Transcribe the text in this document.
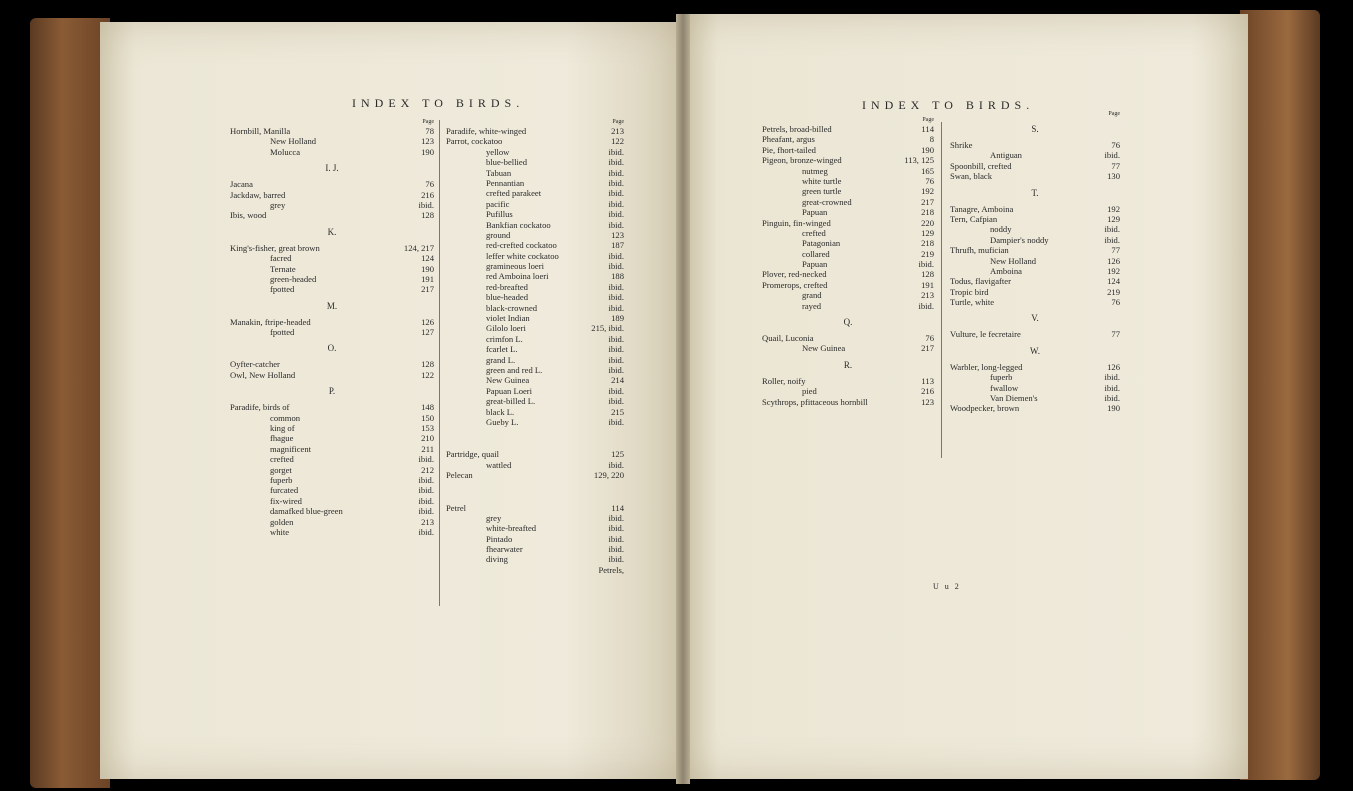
INDEX TO BIRDS.	INDEX TO BIRDS.
Page
Hornbill, Manilla	78
New Holland	123
Molucca	190
I. J.
Jacana	76
Jackdaw, barred	216
grey	ibid.
Ibis, wood	128
K.
King's-fisher, great brown	124, 217
facred	124
Ternate	190
green-headed	191
fpotted	217
M.
Manakin, ftripe-headed	126
fpotted	127
O.
Oyfter-catcher	128
Owl, New Holland	122
P.
Paradife, birds of	148
common	150
king of	153
fhague	210
magnificent	211
crefted	ibid.
gorget	212
fuperb	ibid.
furcated	ibid.
fix-wired	ibid.
damafked blue-green	ibid.
golden	213
white	ibid.
Page
Paradife, white-winged	213
Parrot, cockatoo	122
yellow	ibid.
blue-bellied	ibid.
Tabuan	ibid.
Pennantian	ibid.
crefted parakeet	ibid.
pacific	ibid.
Pufillus	ibid.
Bankfian cockatoo	ibid.
ground	123
red-crefted cockatoo	187
leffer white cockatoo	ibid.
gramineous loeri	ibid.
red Amboina loeri	188
red-breafted	ibid.
blue-headed	ibid.
black-crowned	ibid.
violet Indian	189
Gilolo loeri	215, ibid.
crimfon L.	ibid.
fcarlet L.	ibid.
grand L.	ibid.
green and red L.	ibid.
New Guinea	214
Papuan Loeri	ibid.
great-billed L.	ibid.
black L.	215
Gueby L.	ibid.
Partridge, quail	125
wattled	ibid.
Pelecan	129, 220
Petrel	114
grey	ibid.
white-breafted	ibid.
Pintado	ibid.
fhearwater	ibid.
diving	ibid.
Petrels,
Page
Petrels, broad-billed	114
Pheafant, argus	8
Pie, fhort-tailed	190
Pigeon, bronze-winged	113, 125
nutmeg	165
white turtle	76
green turtle	192
great-crowned	217
Papuan	218
Pinguin, fin-winged	220
crefted	129
Patagonian	218
collared	219
Papuan	ibid.
Plover, red-necked	128
Promerops, crefted	191
grand	213
rayed	ibid.
Q.
Quail, Luconia	76
New Guinea	217
R.
Roller, noify	113
pied	216
Scythrops, pfittaceous hornbill	123
Page
S.
Shrike	76
Antiguan	ibid.
Spoonbill, crefted	77
Swan, black	130
T.
Tanagre, Amboina	192
Tern, Cafpian	129
noddy	ibid.
Dampier's noddy	ibid.
Thrufh, mufician	77
New Holland	126
Amboina	192
Todus, flavigafter	124
Tropic bird	219
Turtle, white	76
V.
Vulture, le fecretaire	77
W.
Warbler, long-legged	126
fuperb	ibid.
fwallow	ibid.
Van Diemen's	ibid.
Woodpecker, brown	190
U u 2
